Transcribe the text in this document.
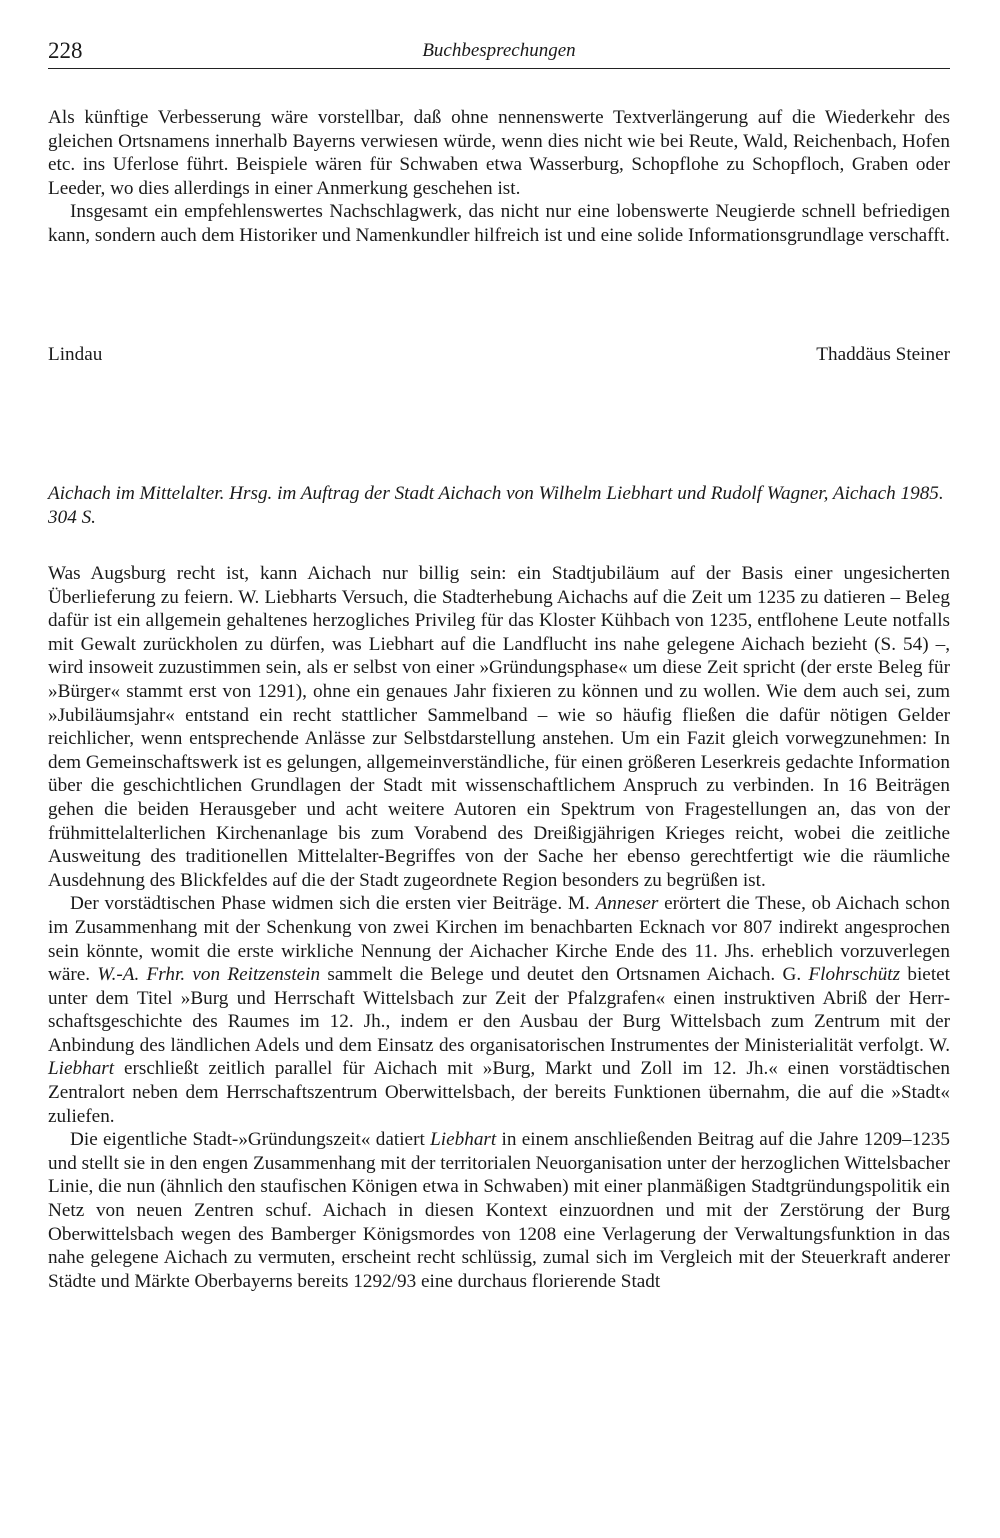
228	Buchbesprechungen

Als künftige Verbesserung wäre vorstellbar, daß ohne nennenswerte Textverlängerung auf die Wiederkehr des gleichen Ortsnamens innerhalb Bayerns verwiesen würde, wenn dies nicht wie bei Reute, Wald, Reichenbach, Hofen etc. ins Uferlose führt. Beispiele wären für Schwaben etwa Wasserburg, Schopflohe zu Schopfloch, Graben oder Leeder, wo dies allerdings in einer Anmerkung geschehen ist.

Insgesamt ein empfehlenswertes Nachschlagwerk, das nicht nur eine lobenswerte Neugierde schnell befriedigen kann, sondern auch dem Historiker und Namenkundler hilfreich ist und eine solide Informationsgrundlage verschafft.

Lindau	Thaddäus Steiner
Aichach im Mittelalter. Hrsg. im Auftrag der Stadt Aichach von Wilhelm Liebhart und Rudolf Wagner, Aichach 1985. 304 S.

Was Augsburg recht ist, kann Aichach nur billig sein: ein Stadtjubiläum auf der Basis einer ungesicherten Überlieferung zu feiern. W. Liebharts Versuch, die Stadterhebung Aichachs auf die Zeit um 1235 zu datieren – Beleg dafür ist ein allgemein gehaltenes herzogliches Privileg für das Kloster Kühbach von 1235, entflohene Leute notfalls mit Gewalt zurückholen zu dürfen, was Liebhart auf die Landflucht ins nahe gelegene Aichach bezieht (S. 54) –, wird insoweit zuzustimmen sein, als er selbst von einer »Gründungsphase« um diese Zeit spricht (der erste Beleg für »Bürger« stammt erst von 1291), ohne ein genaues Jahr fixieren zu können und zu wollen. Wie dem auch sei, zum »Jubiläumsjahr« entstand ein recht stattlicher Sammelband – wie so häufig fließen die dafür nötigen Gelder reichlicher, wenn entsprechende Anlässe zur Selbstdarstellung anstehen. Um ein Fazit gleich vorwegzunehmen: In dem Gemeinschaftswerk ist es gelungen, allgemeinverständliche, für einen größeren Leserkreis gedachte Information über die geschichtlichen Grundlagen der Stadt mit wissenschaftlichem Anspruch zu verbinden. In 16 Beiträgen gehen die beiden Herausgeber und acht weitere Autoren ein Spektrum von Fragestellungen an, das von der frühmittelalterlichen Kirchenanlage bis zum Vorabend des Dreißigjährigen Krieges reicht, wobei die zeitliche Ausweitung des traditionellen Mittelalter-Begriffes von der Sache her ebenso gerechtfertigt wie die räumliche Ausdehnung des Blickfeldes auf die der Stadt zugeordnete Region besonders zu begrüßen ist.

Der vorstädtischen Phase widmen sich die ersten vier Beiträge. M. Anneser erörtert die These, ob Aichach schon im Zusammenhang mit der Schenkung von zwei Kirchen im benachbarten Ecknach vor 807 indirekt angesprochen sein könnte, womit die erste wirkliche Nennung der Aichacher Kirche Ende des 11. Jhs. erheblich vorzuverlegen wäre. W.-A. Frhr. von Reitzenstein sammelt die Belege und deutet den Ortsnamen Aichach. G. Flohrschütz bietet unter dem Titel »Burg und Herrschaft Wittelsbach zur Zeit der Pfalzgrafen« einen instruktiven Abriß der Herrschaftsgeschichte des Raumes im 12. Jh., indem er den Ausbau der Burg Wittelsbach zum Zentrum mit der Anbindung des ländlichen Adels und dem Einsatz des organisatorischen Instrumentes der Ministerialität verfolgt. W. Liebhart erschließt zeitlich parallel für Aichach mit »Burg, Markt und Zoll im 12. Jh.« einen vorstädtischen Zentralort neben dem Herrschaftszentrum Oberwittelsbach, der bereits Funktionen übernahm, die auf die »Stadt« zuliefen.

Die eigentliche Stadt-»Gründungszeit« datiert Liebhart in einem anschließenden Beitrag auf die Jahre 1209–1235 und stellt sie in den engen Zusammenhang mit der territorialen Neuorganisation unter der herzoglichen Wittelsbacher Linie, die nun (ähnlich den staufischen Königen etwa in Schwaben) mit einer planmäßigen Stadtgründungspolitik ein Netz von neuen Zentren schuf. Aichach in diesen Kontext einzuordnen und mit der Zerstörung der Burg Oberwittelsbach wegen des Bamberger Königsmordes von 1208 eine Verlagerung der Verwaltungsfunktion in das nahe gelegene Aichach zu vermuten, erscheint recht schlüssig, zumal sich im Vergleich mit der Steuerkraft anderer Städte und Märkte Oberbayerns bereits 1292/93 eine durchaus florierende Stadt
